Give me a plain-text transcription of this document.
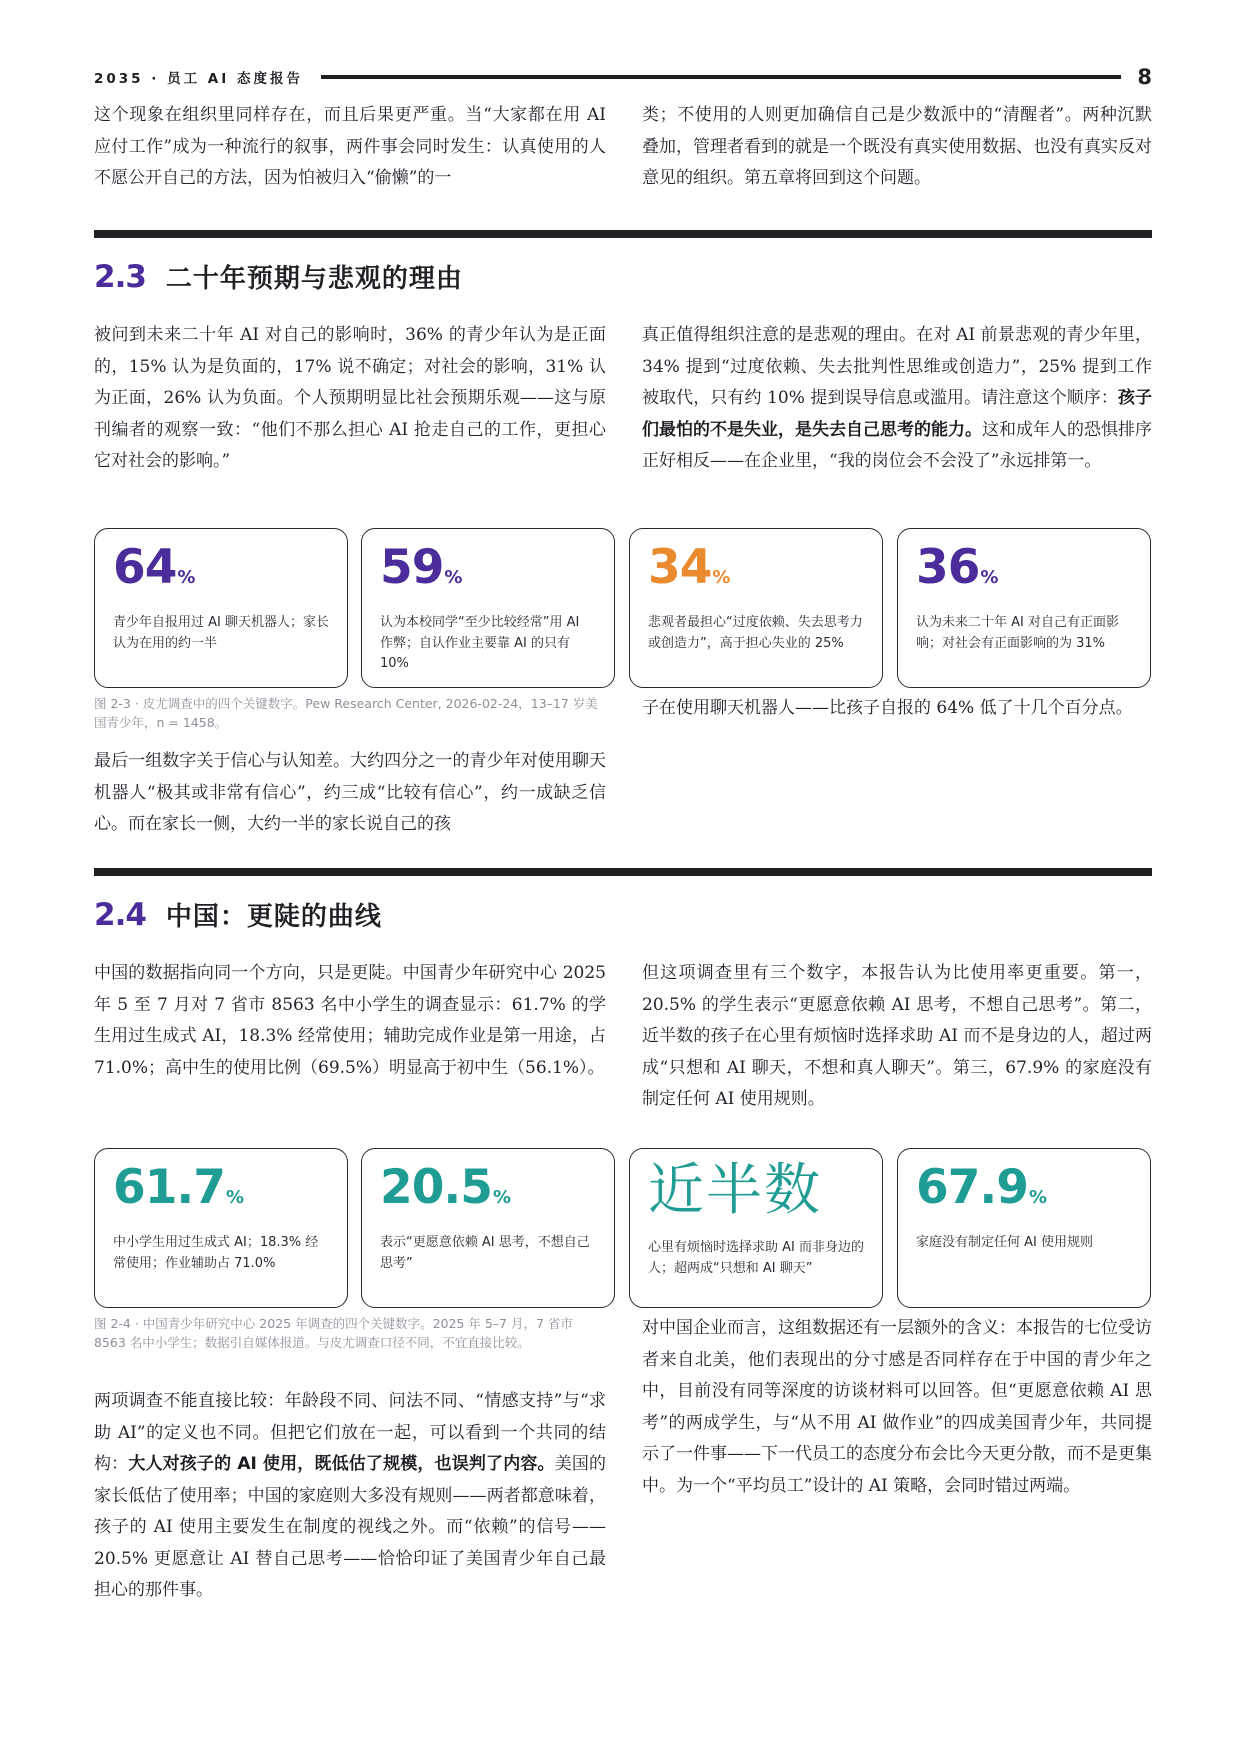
2035 · 员工 AI 态度报告	8

这个现象在组织里同样存在，而且后果更严重。当“大家都在用 AI 应付工作”成为一种流行的叙事，两件事会同时发生：认真使用的人不愿公开自己的方法，因为怕被归入“偷懒”的一

类；不使用的人则更加确信自己是少数派中的“清醒者”。两种沉默叠加，管理者看到的就是一个既没有真实使用数据、也没有真实反对意见的组织。第五章将回到这个问题。

2.3 二十年预期与悲观的理由

被问到未来二十年 AI 对自己的影响时，36% 的青少年认为是正面的，15% 认为是负面的，17% 说不确定；对社会的影响，31% 认为正面，26% 认为负面。个人预期明显比社会预期乐观——这与原刊编者的观察一致：“他们不那么担心 AI 抢走自己的工作，更担心它对社会的影响。”

真正值得组织注意的是悲观的理由。在对 AI 前景悲观的青少年里，34% 提到“过度依赖、失去批判性思维或创造力”，25% 提到工作被取代，只有约 10% 提到误导信息或滥用。请注意这个顺序：孩子们最怕的不是失业，是失去自己思考的能力。这和成年人的恐惧排序正好相反——在企业里，“我的岗位会不会没了”永远排第一。

64%
青少年自报用过 AI 聊天机器人；家长认为在用的约一半
59%
认为本校同学“至少比较经常”用 AI 作弊；自认作业主要靠 AI 的只有 10%
34%
悲观者最担心“过度依赖、失去思考力或创造力”，高于担心失业的 25%
36%
认为未来二十年 AI 对自己有正面影响；对社会有正面影响的为 31%

图 2-3 · 皮尤调查中的四个关键数字。Pew Research Center, 2026-02-24，13–17 岁美国青少年，n = 1458。

最后一组数字关于信心与认知差。大约四分之一的青少年对使用聊天机器人“极其或非常有信心”，约三成“比较有信心”，约一成缺乏信心。而在家长一侧，大约一半的家长说自己的孩

子在使用聊天机器人——比孩子自报的 64% 低了十几个百分点。

2.4 中国：更陡的曲线

中国的数据指向同一个方向，只是更陡。中国青少年研究中心 2025 年 5 至 7 月对 7 省市 8563 名中小学生的调查显示：61.7% 的学生用过生成式 AI，18.3% 经常使用；辅助完成作业是第一用途，占 71.0%；高中生的使用比例（69.5%）明显高于初中生（56.1%）。

但这项调查里有三个数字，本报告认为比使用率更重要。第一，20.5% 的学生表示“更愿意依赖 AI 思考，不想自己思考”。第二，近半数的孩子在心里有烦恼时选择求助 AI 而不是身边的人，超过两成“只想和 AI 聊天，不想和真人聊天”。第三，67.9% 的家庭没有制定任何 AI 使用规则。

61.7%
中小学生用过生成式 AI；18.3% 经常使用；作业辅助占 71.0%
20.5%
表示“更愿意依赖 AI 思考，不想自己思考”
近半数
心里有烦恼时选择求助 AI 而非身边的人；超两成“只想和 AI 聊天”
67.9%
家庭没有制定任何 AI 使用规则

图 2-4 · 中国青少年研究中心 2025 年调查的四个关键数字。2025 年 5–7 月，7 省市 8563 名中小学生；数据引自媒体报道。与皮尤调查口径不同，不宜直接比较。

两项调查不能直接比较：年龄段不同、问法不同、“情感支持”与“求助 AI”的定义也不同。但把它们放在一起，可以看到一个共同的结构：大人对孩子的 AI 使用，既低估了规模，也误判了内容。美国的家长低估了使用率；中国的家庭则大多没有规则——两者都意味着，孩子的 AI 使用主要发生在制度的视线之外。而“依赖”的信号——20.5% 更愿意让 AI 替自己思考——恰恰印证了美国青少年自己最担心的那件事。

对中国企业而言，这组数据还有一层额外的含义：本报告的七位受访者来自北美，他们表现出的分寸感是否同样存在于中国的青少年之中，目前没有同等深度的访谈材料可以回答。但“更愿意依赖 AI 思考”的两成学生，与“从不用 AI 做作业”的四成美国青少年，共同提示了一件事——下一代员工的态度分布会比今天更分散，而不是更集中。为一个“平均员工”设计的 AI 策略，会同时错过两端。
